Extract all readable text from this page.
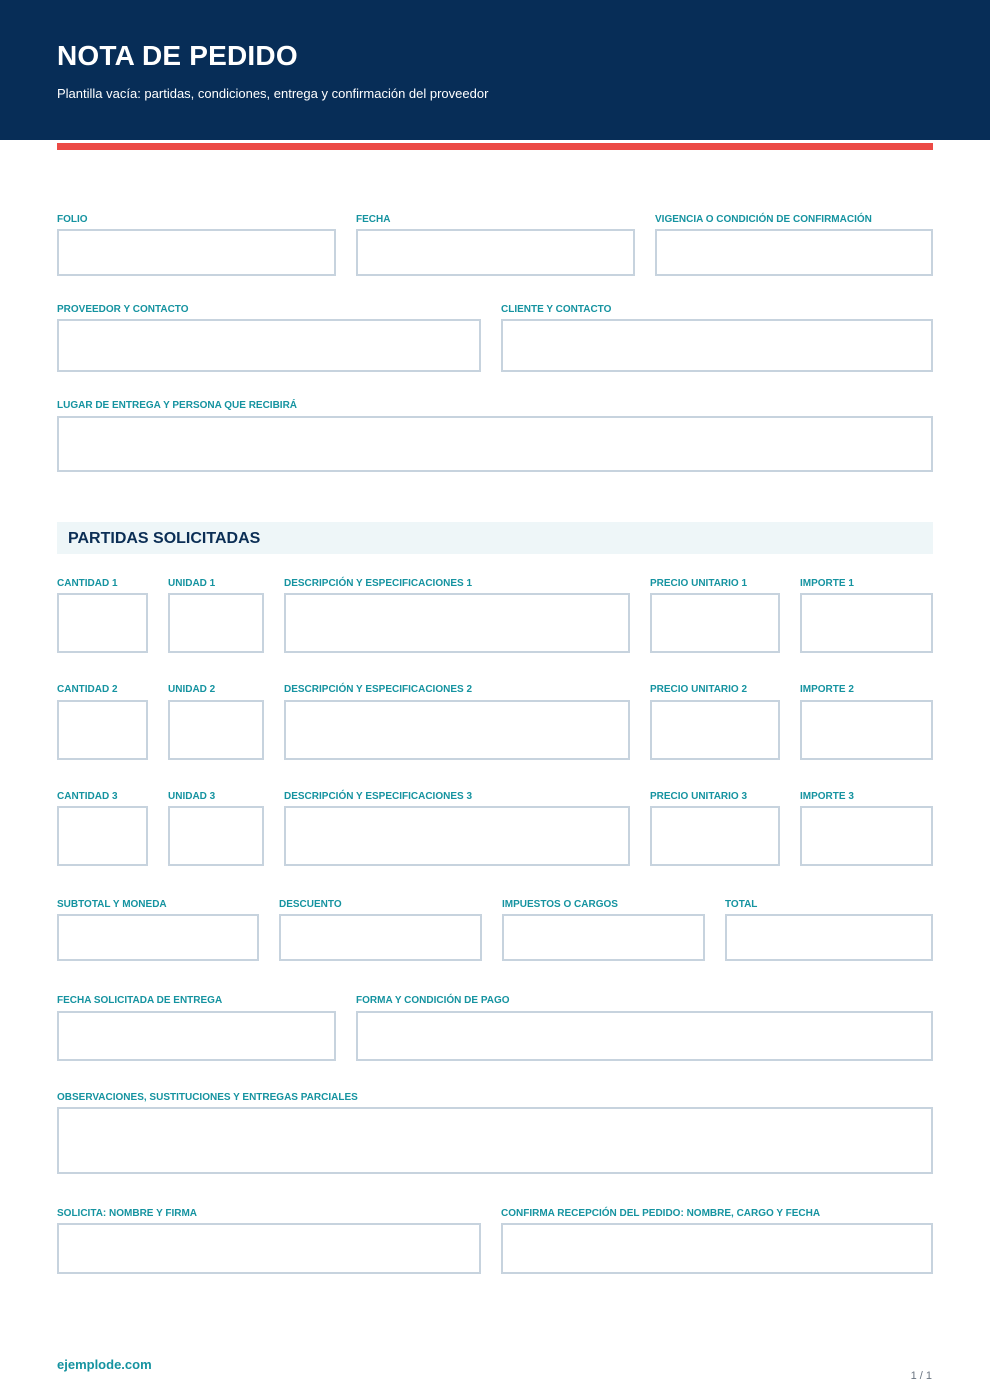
NOTA DE PEDIDO
Plantilla vacía: partidas, condiciones, entrega y confirmación del proveedor
FOLIO	FECHA	VIGENCIA O CONDICIÓN DE CONFIRMACIÓN
PROVEEDOR Y CONTACTO	CLIENTE Y CONTACTO
LUGAR DE ENTREGA Y PERSONA QUE RECIBIRÁ
PARTIDAS SOLICITADAS
CANTIDAD 1	UNIDAD 1	DESCRIPCIÓN Y ESPECIFICACIONES 1	PRECIO UNITARIO 1	IMPORTE 1
CANTIDAD 2	UNIDAD 2	DESCRIPCIÓN Y ESPECIFICACIONES 2	PRECIO UNITARIO 2	IMPORTE 2
CANTIDAD 3	UNIDAD 3	DESCRIPCIÓN Y ESPECIFICACIONES 3	PRECIO UNITARIO 3	IMPORTE 3
SUBTOTAL Y MONEDA	DESCUENTO	IMPUESTOS O CARGOS	TOTAL
FECHA SOLICITADA DE ENTREGA	FORMA Y CONDICIÓN DE PAGO
OBSERVACIONES, SUSTITUCIONES Y ENTREGAS PARCIALES
SOLICITA: NOMBRE Y FIRMA	CONFIRMA RECEPCIÓN DEL PEDIDO: NOMBRE, CARGO Y FECHA
ejemplode.com
1 / 1
